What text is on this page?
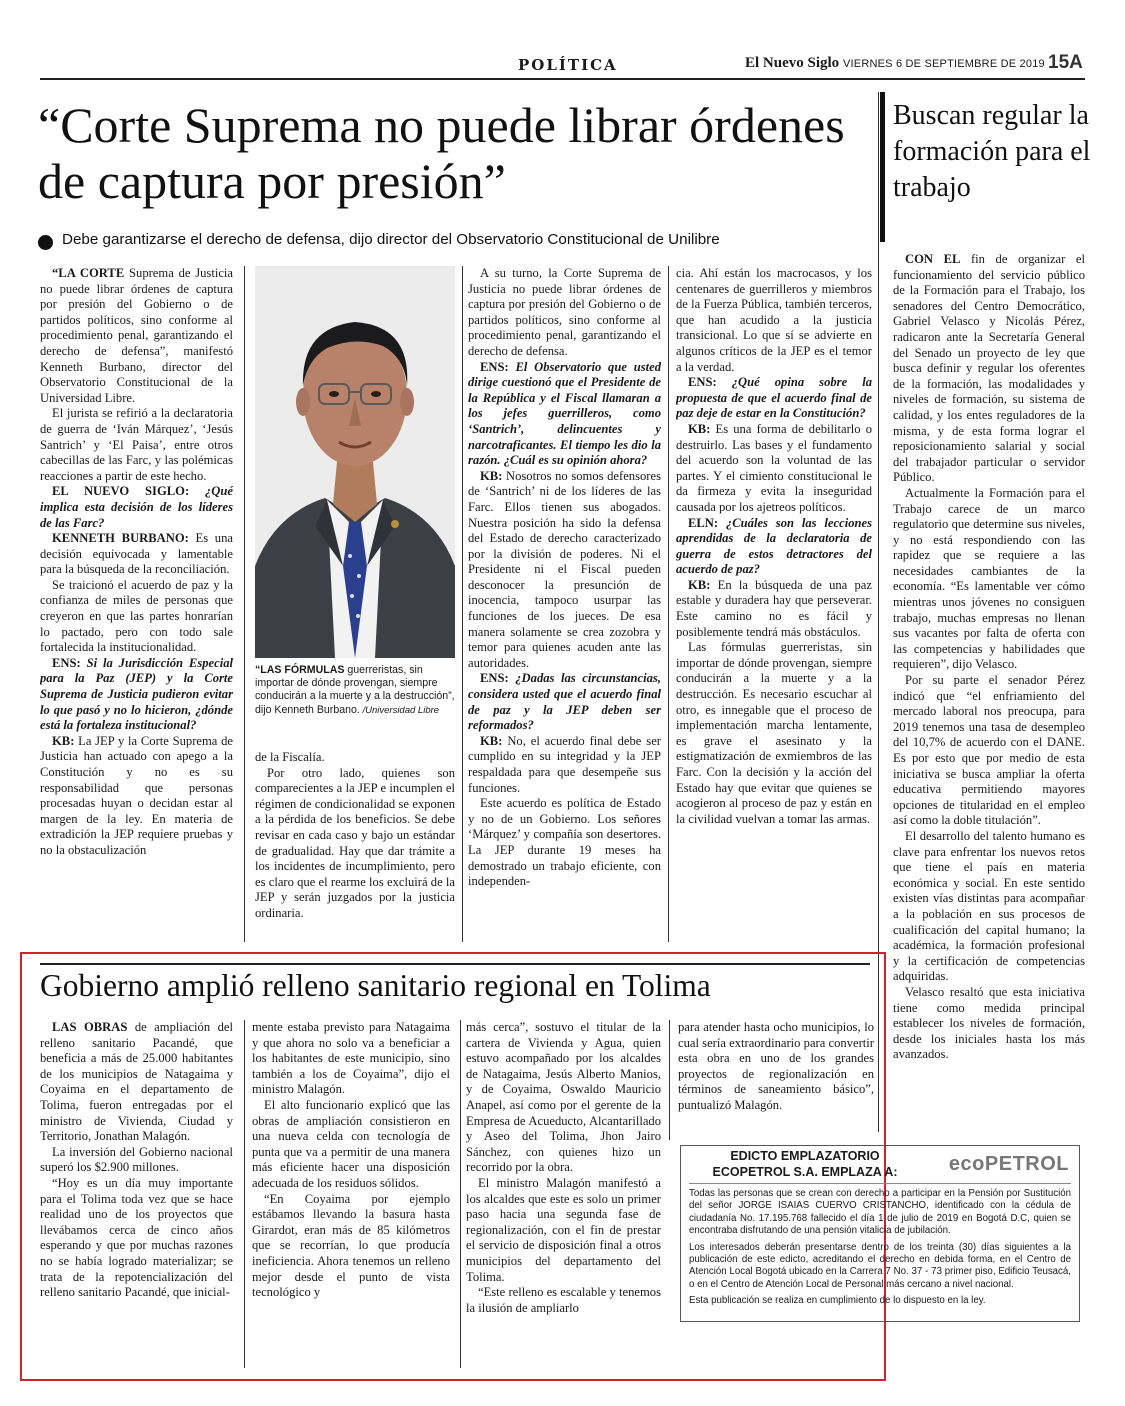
POLÍTICA	El Nuevo Siglo VIERNES 6 DE SEPTIEMBRE DE 2019 15A
“Corte Suprema no puede librar órdenes de captura por presión”
Debe garantizarse el derecho de defensa, dijo director del Observatorio Constitucional de Unilibre

“LA CORTE Suprema de Justicia no puede librar órdenes de captura por presión del Gobierno o de partidos políticos, sino conforme al procedimiento penal, garantizando el derecho de defensa”, manifestó Kenneth Burbano, director del Observatorio Constitucional de la Universidad Libre.

El jurista se refirió a la declaratoria de guerra de ‘Iván Márquez’, ‘Jesús Santrich’ y ‘El Paisa’, entre otros cabecillas de las Farc, y las polémicas reacciones a partir de este hecho.

EL NUEVO SIGLO: ¿Qué implica esta decisión de los líderes de las Farc?

KENNETH BURBANO: Es una decisión equivocada y lamentable para la búsqueda de la reconciliación.

Se traicionó el acuerdo de paz y la confianza de miles de personas que creyeron en que las partes honrarían lo pactado, pero con todo sale fortalecida la institucionalidad.

ENS: Si la Jurisdicción Especial para la Paz (JEP) y la Corte Suprema de Justicia pudieron evitar lo que pasó y no lo hicieron, ¿dónde está la fortaleza institucional?

KB: La JEP y la Corte Suprema de Justicia han actuado con apego a la Constitución y no es su responsabilidad que personas procesadas huyan o decidan estar al margen de la ley. En materia de extradición la JEP requiere pruebas y no la obstaculización

“LAS FÓRMULAS guerreristas, sin importar de dónde provengan, siempre conducirán a la muerte y a la destrucción”, dijo Kenneth Burbano. /Universidad Libre

de la Fiscalía.

Por otro lado, quienes son comparecientes a la JEP e incumplen el régimen de condicionalidad se exponen a la pérdida de los beneficios. Se debe revisar en cada caso y bajo un estándar de gradualidad. Hay que dar trámite a los incidentes de incumplimiento, pero es claro que el rearme los excluirá de la JEP y serán juzgados por la justicia ordinaria.

A su turno, la Corte Suprema de Justicia no puede librar órdenes de captura por presión del Gobierno o de partidos políticos, sino conforme al procedimiento penal, garantizando el derecho de defensa.

ENS: El Observatorio que usted dirige cuestionó que el Presidente de la República y el Fiscal llamaran a los jefes guerrilleros, como ‘Santrich’, delincuentes y narcotraficantes. El tiempo les dio la razón. ¿Cuál es su opinión ahora?

KB: Nosotros no somos defensores de ‘Santrich’ ni de los líderes de las Farc. Ellos tienen sus abogados. Nuestra posición ha sido la defensa del Estado de derecho caracterizado por la división de poderes. Ni el Presidente ni el Fiscal pueden desconocer la presunción de inocencia, tampoco usurpar las funciones de los jueces. De esa manera solamente se crea zozobra y temor para quienes acuden ante las autoridades.

ENS: ¿Dadas las circunstancias, considera usted que el acuerdo final de paz y la JEP deben ser reformados?

KB: No, el acuerdo final debe ser cumplido en su integridad y la JEP respaldada para que desempeñe sus funciones.

Este acuerdo es política de Estado y no de un Gobierno. Los señores ‘Márquez’ y compañía son desertores. La JEP durante 19 meses ha demostrado un trabajo eficiente, con independen-

cia. Ahí están los macrocasos, y los centenares de guerrilleros y miembros de la Fuerza Pública, también terceros, que han acudido a la justicia transicional. Lo que sí se advierte en algunos críticos de la JEP es el temor a la verdad.

ENS: ¿Qué opina sobre la propuesta de que el acuerdo final de paz deje de estar en la Constitución?

KB: Es una forma de debilitarlo o destruirlo. Las bases y el fundamento del acuerdo son la voluntad de las partes. Y el cimiento constitucional le da firmeza y evita la inseguridad causada por los ajetreos políticos.

ELN: ¿Cuáles son las lecciones aprendidas de la declaratoria de guerra de estos detractores del acuerdo de paz?

KB: En la búsqueda de una paz estable y duradera hay que perseverar. Este camino no es fácil y posiblemente tendrá más obstáculos.

Las fórmulas guerreristas, sin importar de dónde provengan, siempre conducirán a la muerte y a la destrucción. Es necesario escuchar al otro, es innegable que el proceso de implementación marcha lentamente, es grave el asesinato y la estigmatización de exmiembros de las Farc. Con la decisión y la acción del Estado hay que evitar que quienes se acogieron al proceso de paz y están en la civilidad vuelvan a tomar las armas.

Buscan regular la formación para el trabajo

CON EL fin de organizar el funcionamiento del servicio público de la Formación para el Trabajo, los senadores del Centro Democrático, Gabriel Velasco y Nicolás Pérez, radicaron ante la Secretaría General del Senado un proyecto de ley que busca definir y regular los oferentes de la formación, las modalidades y niveles de formación, su sistema de calidad, y los entes reguladores de la misma, y de esta forma lograr el reposicionamiento salarial y social del trabajador particular o servidor Público.

Actualmente la Formación para el Trabajo carece de un marco regulatorio que determine sus niveles, y no está respondiendo con las rapidez que se requiere a las necesidades cambiantes de la economía. “Es lamentable ver cómo mientras unos jóvenes no consiguen trabajo, muchas empresas no llenan sus vacantes por falta de oferta con las competencias y habilidades que requieren”, dijo Velasco.

Por su parte el senador Pérez indicó que “el enfriamiento del mercado laboral nos preocupa, para 2019 tenemos una tasa de desempleo del 10,7% de acuerdo con el DANE. Es por esto que por medio de esta iniciativa se busca ampliar la oferta educativa permitiendo mayores opciones de titularidad en el empleo así como la doble titulación”.

El desarrollo del talento humano es clave para enfrentar los nuevos retos que tiene el país en materia económica y social. En este sentido existen vías distintas para acompañar a la población en sus procesos de cualificación del capital humano; la académica, la formación profesional y la certificación de competencias adquiridas.

Velasco resaltó que esta iniciativa tiene como medida principal establecer los niveles de formación, desde los iniciales hasta los más avanzados.

Gobierno amplió relleno sanitario regional en Tolima

LAS OBRAS de ampliación del relleno sanitario Pacandé, que beneficia a más de 25.000 habitantes de los municipios de Natagaima y Coyaima en el departamento de Tolima, fueron entregadas por el ministro de Vivienda, Ciudad y Territorio, Jonathan Malagón.

La inversión del Gobierno nacional superó los $2.900 millones.

“Hoy es un día muy importante para el Tolima toda vez que se hace realidad uno de los proyectos que llevábamos cerca de cinco años esperando y que por muchas razones no se había logrado materializar; se trata de la repotencialización del relleno sanitario Pacandé, que inicial-

mente estaba previsto para Natagaima y que ahora no solo va a beneficiar a los habitantes de este municipio, sino también a los de Coyaima”, dijo el ministro Malagón.

El alto funcionario explicó que las obras de ampliación consistieron en una nueva celda con tecnología de punta que va a permitir de una manera más eficiente hacer una disposición adecuada de los residuos sólidos.

“En Coyaima por ejemplo estábamos llevando la basura hasta Girardot, eran más de 85 kilómetros que se recorrían, lo que producía ineficiencia. Ahora tenemos un relleno mejor desde el punto de vista tecnológico y

más cerca”, sostuvo el titular de la cartera de Vivienda y Agua, quien estuvo acompañado por los alcaldes de Natagaima, Jesús Alberto Manios, y de Coyaima, Oswaldo Mauricio Anapel, así como por el gerente de la Empresa de Acueducto, Alcantarillado y Aseo del Tolima, Jhon Jairo Sánchez, con quienes hizo un recorrido por la obra.

El ministro Malagón manifestó a los alcaldes que este es solo un primer paso hacia una segunda fase de regionalización, con el fin de prestar el servicio de disposición final a otros municipios del departamento del Tolima.

“Este relleno es escalable y tenemos la ilusión de ampliarlo

para atender hasta ocho municipios, lo cual sería extraordinario para convertir esta obra en uno de los grandes proyectos de regionalización en términos de saneamiento básico”, puntualizó Malagón.

EDICTO EMPLAZATORIO
ECOPETROL S.A. EMPLAZA A:	ecoPETROL

Todas las personas que se crean con derecho a participar en la Pensión por Sustitución del señor JORGE ISAIAS CUERVO CRISTANCHO, identificado con la cédula de ciudadanía No. 17.195.768 fallecido el día 1 de julio de 2019 en Bogotá D.C, quien se encontraba disfrutando de una pensión vitalicia de jubilación.

Los interesados deberán presentarse dentro de los treinta (30) días siguientes a la publicación de este edicto, acreditando el derecho en debida forma, en el Centro de Atención Local Bogotá ubicado en la Carrera 7 No. 37 - 73 primer piso, Edificio Teusacá, o en el Centro de Atención Local de Personal más cercano a nivel nacional.

Esta publicación se realiza en cumplimiento de lo dispuesto en la ley.
